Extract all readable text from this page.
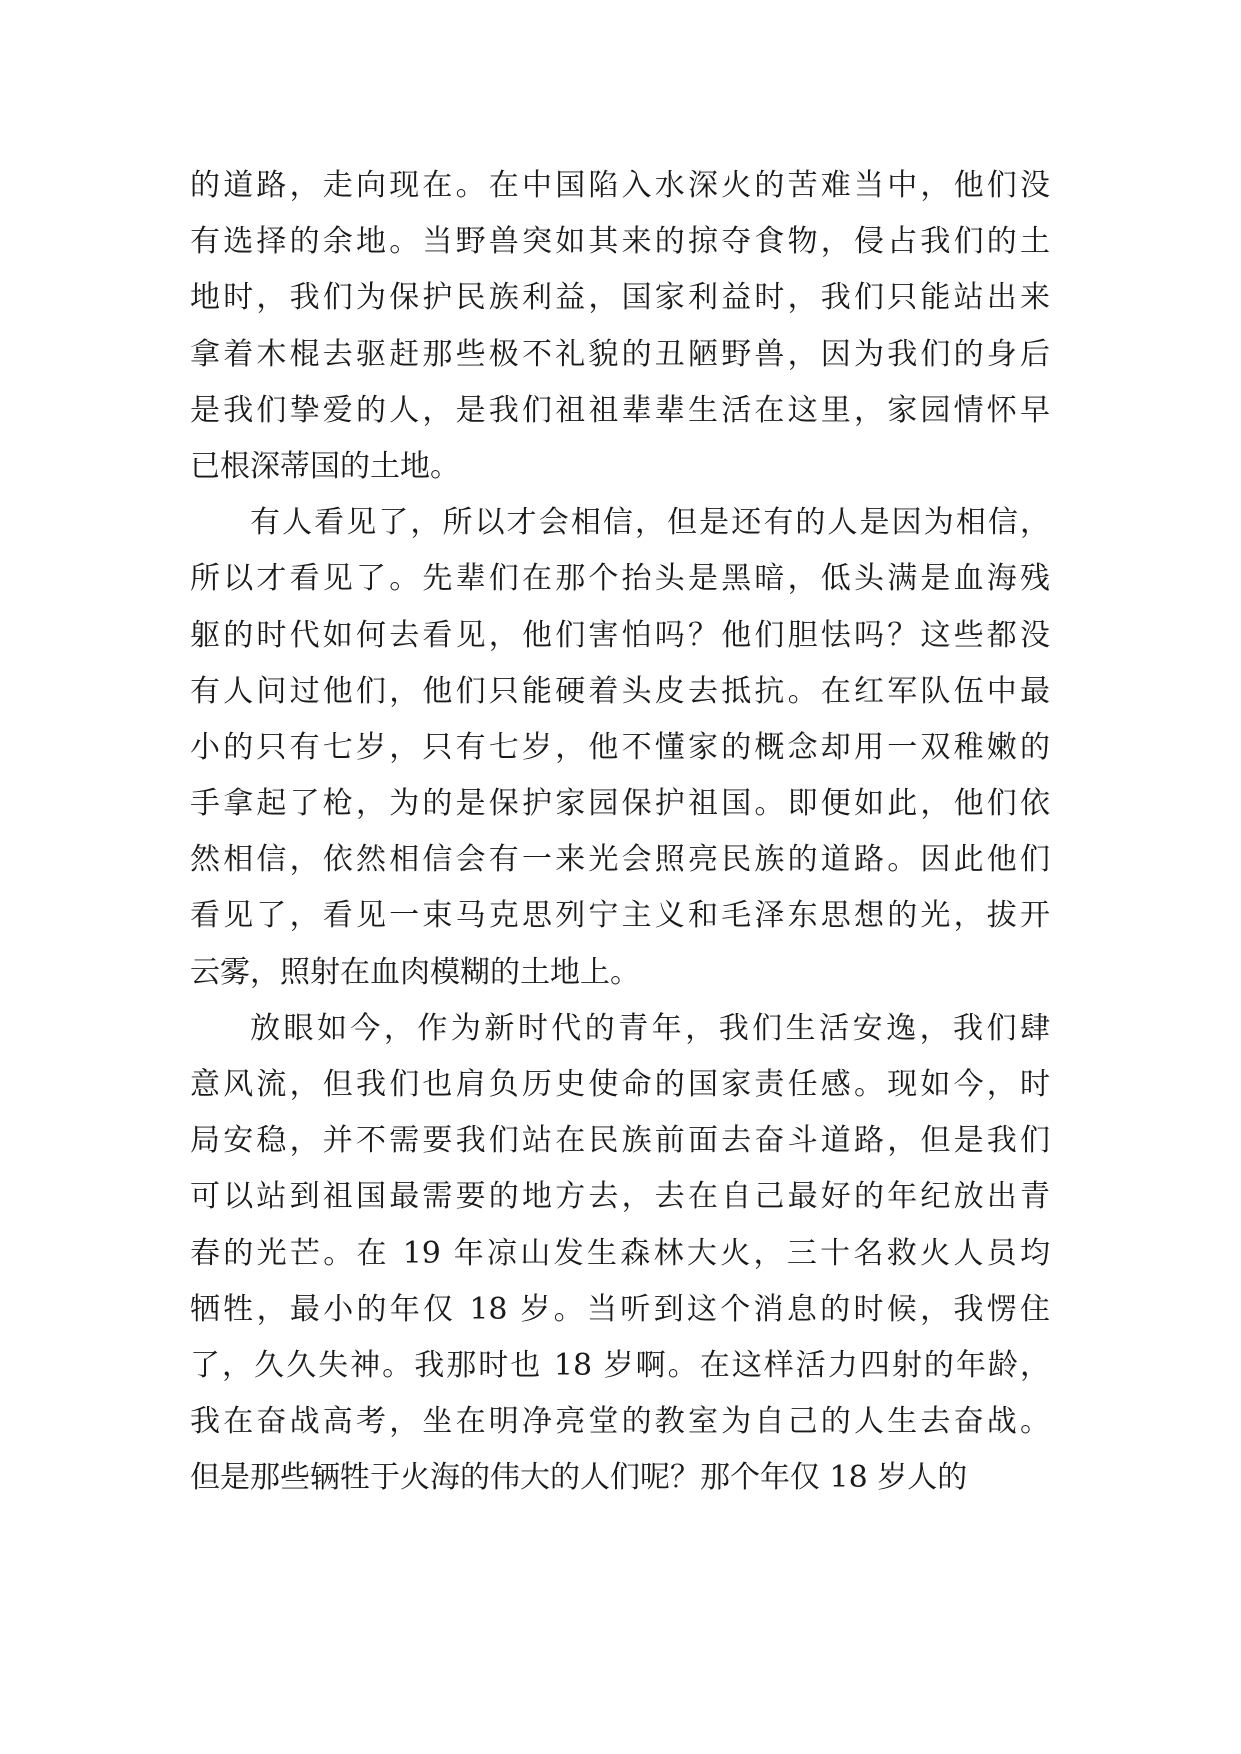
的道路，走向现在。在中国陷入水深火的苦难当中，他们没
有选择的余地。当野兽突如其来的掠夺食物，侵占我们的土
地时，我们为保护民族利益，国家利益时，我们只能站出来
拿着木棍去驱赶那些极不礼貌的丑陋野兽，因为我们的身后
是我们挚爱的人，是我们祖祖辈辈生活在这里，家园情怀早
已根深蒂国的土地。
有人看见了，所以才会相信，但是还有的人是因为相信，
所以才看见了。先辈们在那个抬头是黑暗，低头满是血海残
躯的时代如何去看见，他们害怕吗？他们胆怯吗？这些都没
有人问过他们，他们只能硬着头皮去抵抗。在红军队伍中最
小的只有七岁，只有七岁，他不懂家的概念却用一双稚嫩的
手拿起了枪，为的是保护家园保护祖国。即便如此，他们依
然相信，依然相信会有一来光会照亮民族的道路。因此他们
看见了，看见一束马克思列宁主义和毛泽东思想的光，拔开
云雾，照射在血肉模糊的土地上。
放眼如今，作为新时代的青年，我们生活安逸，我们肆
意风流，但我们也肩负历史使命的国家责任感。现如今，时
局安稳，并不需要我们站在民族前面去奋斗道路，但是我们
可以站到祖国最需要的地方去，去在自己最好的年纪放出青
春的光芒。在 19 年凉山发生森林大火，三十名救火人员均
牺牲，最小的年仅 18 岁。当听到这个消息的时候，我愣住
了，久久失神。我那时也 18 岁啊。在这样活力四射的年龄，
我在奋战高考，坐在明净亮堂的教室为自己的人生去奋战。
但是那些辆牲于火海的伟大的人们呢？那个年仅 18 岁人的
